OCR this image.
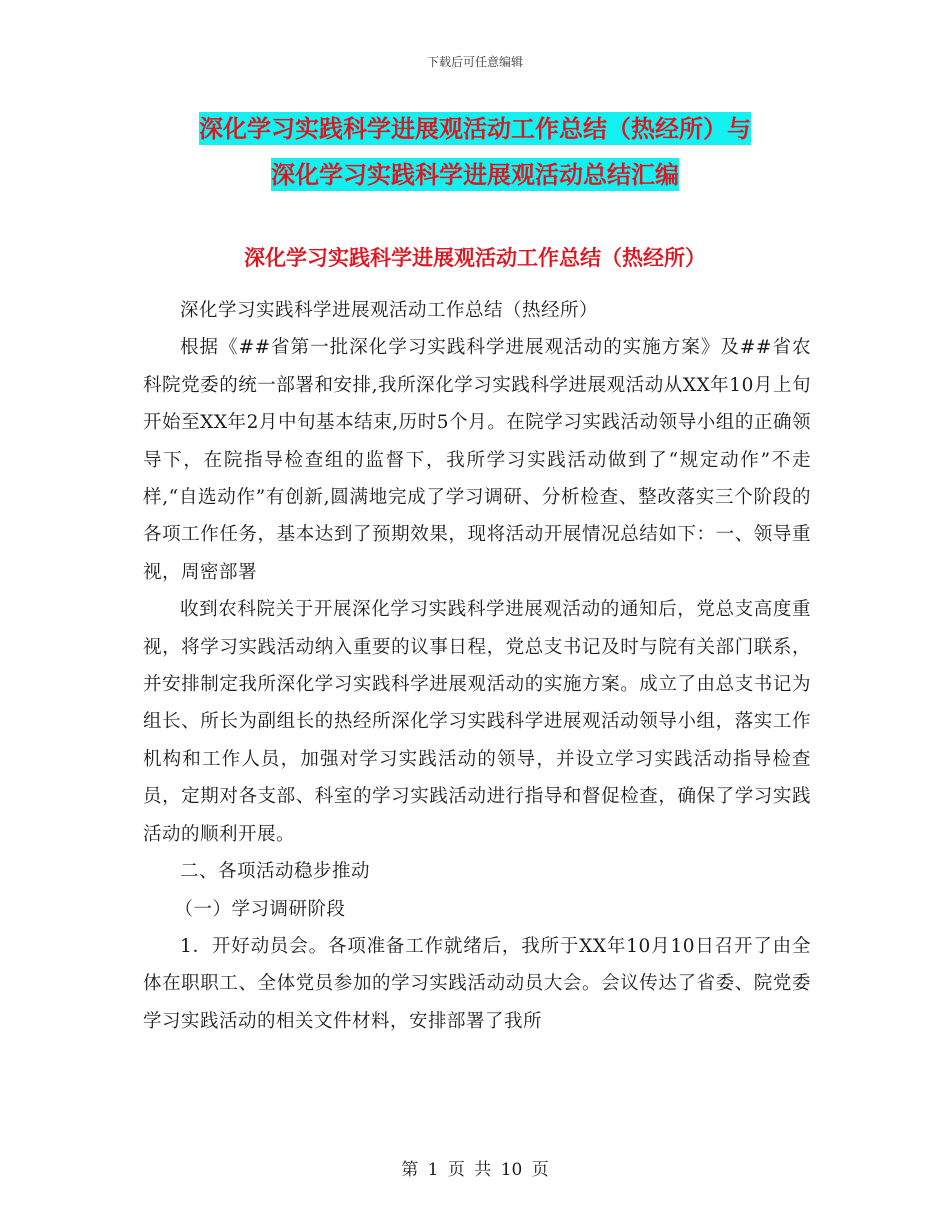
下载后可任意编辑
深化学习实践科学进展观活动工作总结（热经所）与
深化学习实践科学进展观活动总结汇编
深化学习实践科学进展观活动工作总结（热经所）

深化学习实践科学进展观活动工作总结（热经所）

根据《##省第一批深化学习实践科学进展观活动的实施方案》及##省农科院党委的统一部署和安排,我所深化学习实践科学进展观活动从XX年10月上旬开始至XX年2月中旬基本结束,历时5个月。在院学习实践活动领导小组的正确领导下，在院指导检查组的监督下，我所学习实践活动做到了“规定动作”不走样,“自选动作”有创新,圆满地完成了学习调研、分析检查、整改落实三个阶段的各项工作任务，基本达到了预期效果，现将活动开展情况总结如下：一、领导重视，周密部署

收到农科院关于开展深化学习实践科学进展观活动的通知后，党总支高度重视，将学习实践活动纳入重要的议事日程，党总支书记及时与院有关部门联系，并安排制定我所深化学习实践科学进展观活动的实施方案。成立了由总支书记为组长、所长为副组长的热经所深化学习实践科学进展观活动领导小组，落实工作机构和工作人员，加强对学习实践活动的领导，并设立学习实践活动指导检查员，定期对各支部、科室的学习实践活动进行指导和督促检查，确保了学习实践活动的顺利开展。

二、各项活动稳步推动

（一）学习调研阶段

1．开好动员会。各项准备工作就绪后，我所于XX年10月10日召开了由全体在职职工、全体党员参加的学习实践活动动员大会。会议传达了省委、院党委学习实践活动的相关文件材料，安排部署了我所

第 1 页 共 10 页
